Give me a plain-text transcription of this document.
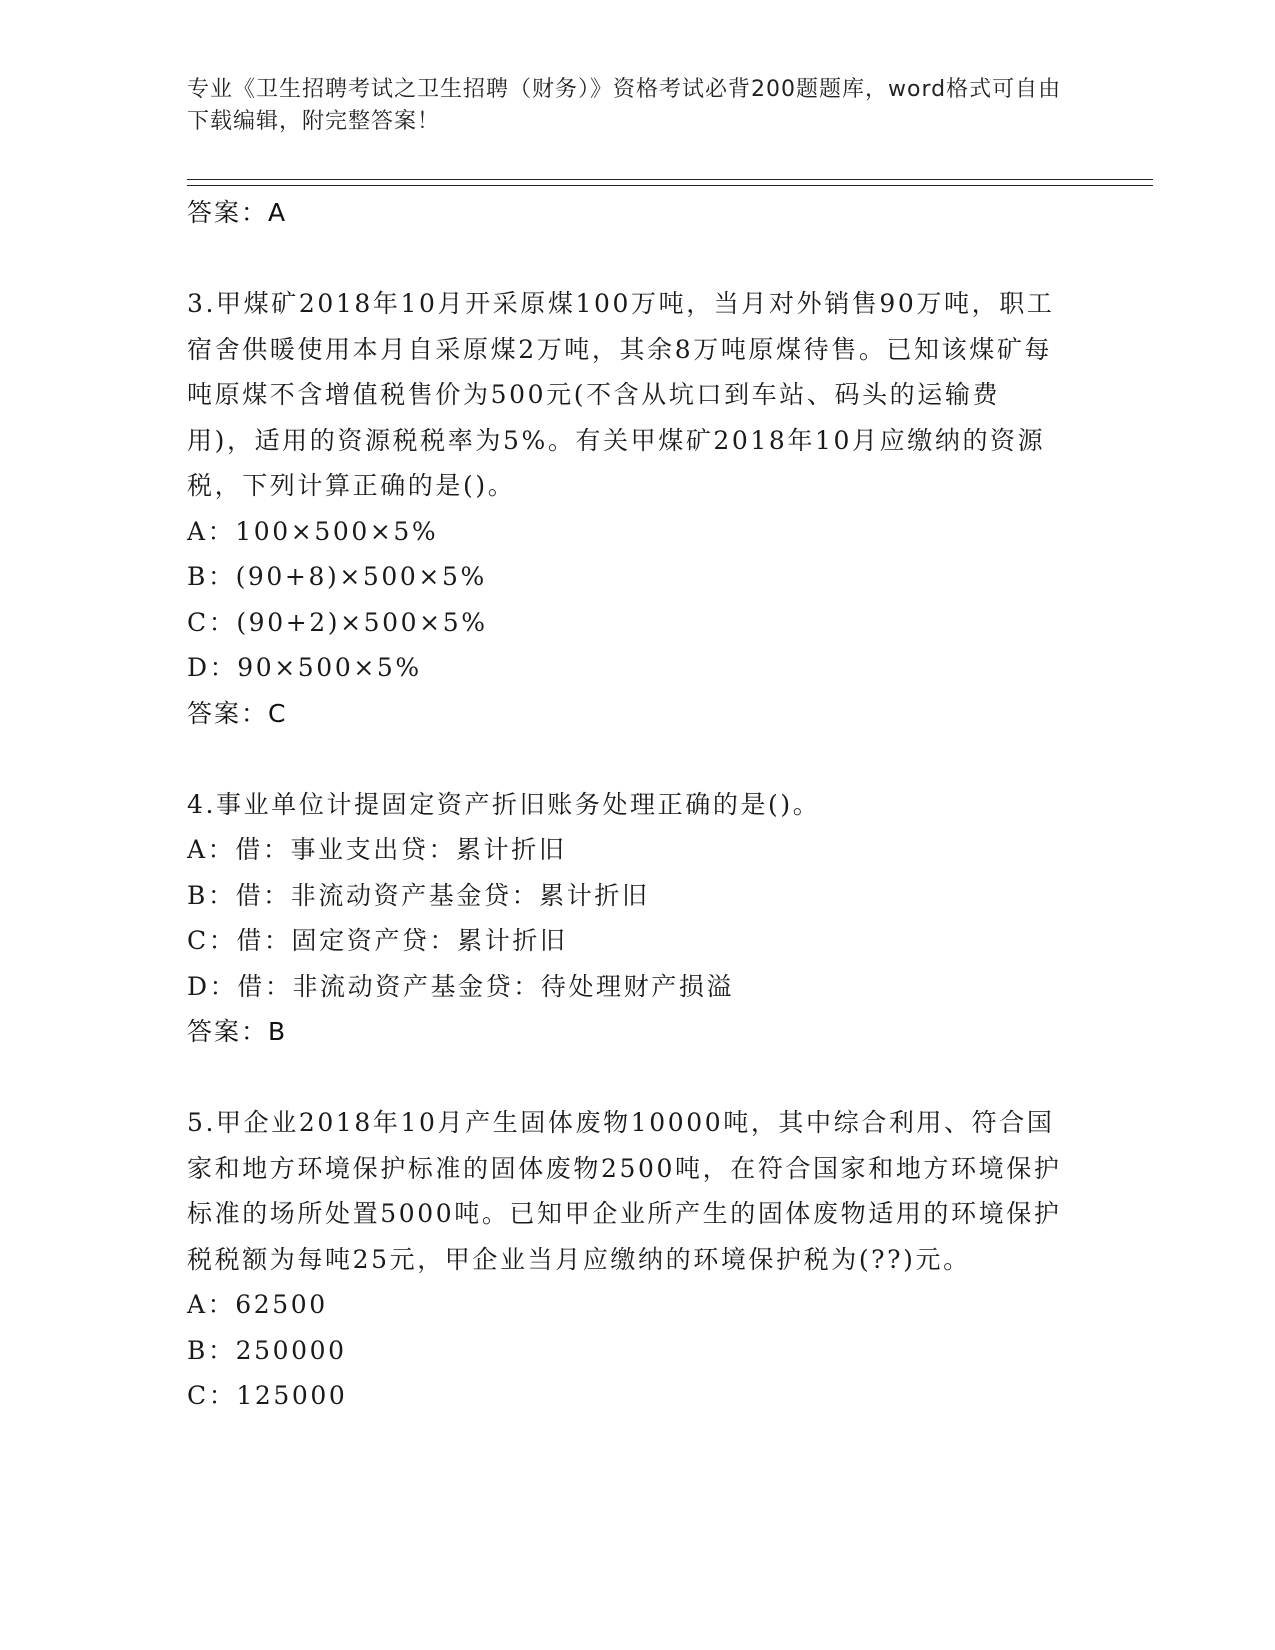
专业《卫生招聘考试之卫生招聘（财务）》资格考试必背200题题库，word格式可自由下载编辑，附完整答案！
答案：A
3.甲煤矿2018年10月开采原煤100万吨，当月对外销售90万吨，职工宿舍供暖使用本月自采原煤2万吨，其余8万吨原煤待售。已知该煤矿每吨原煤不含增值税售价为500元(不含从坑口到车站、码头的运输费用)，适用的资源税税率为5%。有关甲煤矿2018年10月应缴纳的资源税，下列计算正确的是()。
A：100×500×5%
B：(90+8)×500×5%
C：(90+2)×500×5%
D：90×500×5%
答案：C
4.事业单位计提固定资产折旧账务处理正确的是()。
A：借：事业支出贷：累计折旧
B：借：非流动资产基金贷：累计折旧
C：借：固定资产贷：累计折旧
D：借：非流动资产基金贷：待处理财产损溢
答案：B
5.甲企业2018年10月产生固体废物10000吨，其中综合利用、符合国家和地方环境保护标准的固体废物2500吨，在符合国家和地方环境保护标准的场所处置5000吨。已知甲企业所产生的固体废物适用的环境保护税税额为每吨25元，甲企业当月应缴纳的环境保护税为(??)元。
A：62500
B：250000
C：125000
